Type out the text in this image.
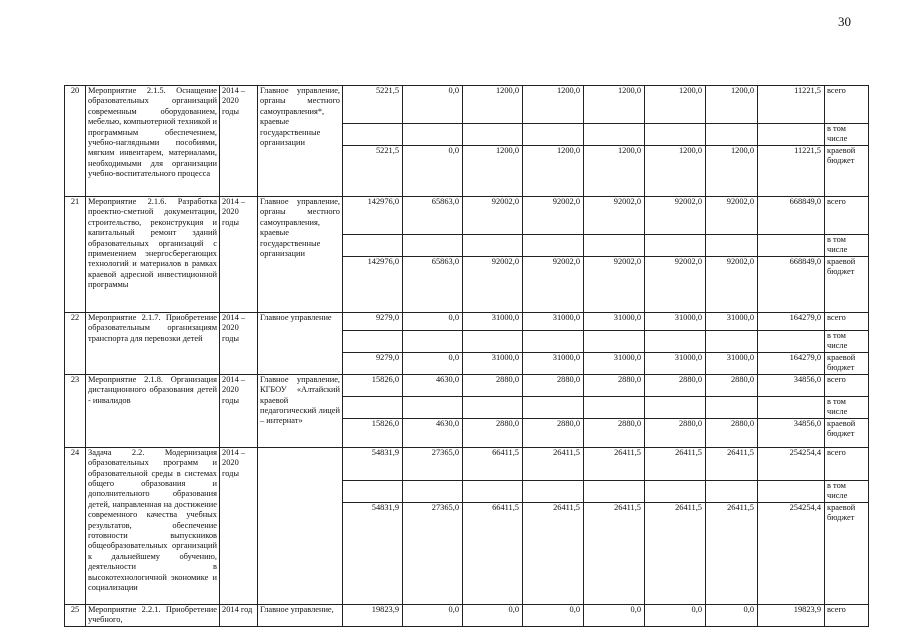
30
20	Мероприятие 2.1.5. Оснащение образовательных организаций современным оборудованием, мебелью, компьютерной техникой и программным обеспечением, учебно-наглядными пособиями, мягким инвентарем, материалами, необходимыми для организации учебно-воспитательного процесса	2014 – 2020 годы	Главное управление, органы местного самоуправления*, краевые государственные организации	5221,5	0,0	1200,0	1200,0	1200,0	1200,0	1200,0	11221,5	всего
												в том числе
				5221,5	0,0	1200,0	1200,0	1200,0	1200,0	1200,0	11221,5	краевой бюджет
21	Мероприятие 2.1.6. Разработка проектно-сметной документации, строительство, реконструкция и капитальный ремонт зданий образовательных организаций с применением энергосберегающих технологий и материалов в рамках краевой адресной инвестиционной программы	2014 – 2020 годы	Главное управление, органы местного самоуправления, краевые государственные организации	142976,0	65863,0	92002,0	92002,0	92002,0	92002,0	92002,0	668849,0	всего
												в том числе
				142976,0	65863,0	92002,0	92002,0	92002,0	92002,0	92002,0	668849,0	краевой бюджет
22	Мероприятие 2.1.7. Приобретение образовательным организациям транспорта для перевозки детей	2014 – 2020 годы	Главное управление	9279,0	0,0	31000,0	31000,0	31000,0	31000,0	31000,0	164279,0	всего
												в том числе
				9279,0	0,0	31000,0	31000,0	31000,0	31000,0	31000,0	164279,0	краевой бюджет
23	Мероприятие 2.1.8. Организация дистанционного образования детей - инвалидов	2014 – 2020 годы	Главное управление, КГБОУ «Алтайский краевой педагогический лицей – интернат»	15826,0	4630,0	2880,0	2880,0	2880,0	2880,0	2880,0	34856,0	всего
												в том числе
				15826,0	4630,0	2880,0	2880,0	2880,0	2880,0	2880,0	34856,0	краевой бюджет
24	Задача 2.2. Модернизация образовательных программ и образовательной среды в системах общего образования и дополнительного образования детей, направленная на достижение современного качества учебных результатов, обеспечение готовности выпускников общеобразовательных организаций к дальнейшему обучению, деятельности в высокотехнологичной экономике и социализации	2014 – 2020 годы		54831,9	27365,0	66411,5	26411,5	26411,5	26411,5	26411,5	254254,4	всего
												в том числе
				54831,9	27365,0	66411,5	26411,5	26411,5	26411,5	26411,5	254254,4	краевой бюджет
25	Мероприятие 2.2.1. Приобретение учебного,	2014 год	Главное управление,	19823,9	0,0	0,0	0,0	0,0	0,0	0,0	19823,9	всего
